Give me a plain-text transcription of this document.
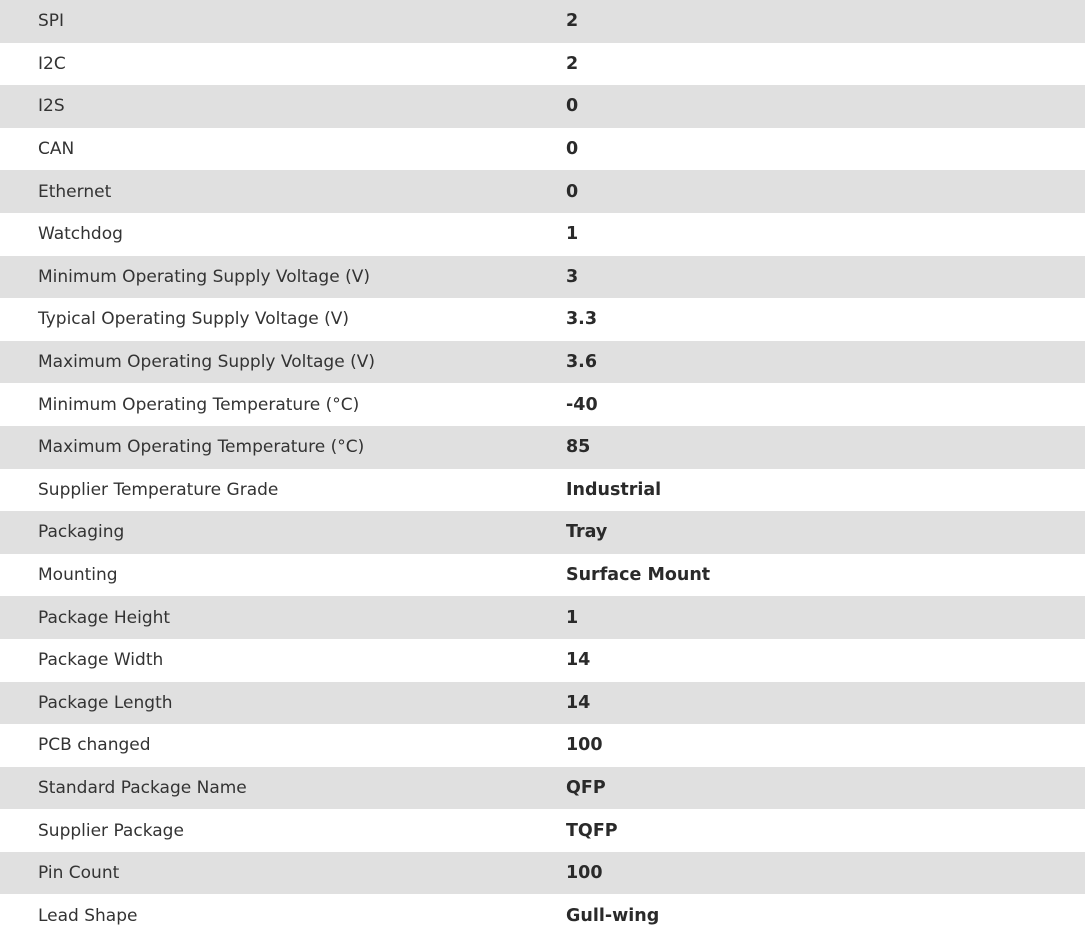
SPI	2
I2C	2
I2S	0
CAN	0
Ethernet	0
Watchdog	1
Minimum Operating Supply Voltage (V)	3
Typical Operating Supply Voltage (V)	3.3
Maximum Operating Supply Voltage (V)	3.6
Minimum Operating Temperature (°C)	-40
Maximum Operating Temperature (°C)	85
Supplier Temperature Grade	Industrial
Packaging	Tray
Mounting	Surface Mount
Package Height	1
Package Width	14
Package Length	14
PCB changed	100
Standard Package Name	QFP
Supplier Package	TQFP
Pin Count	100
Lead Shape	Gull-wing
